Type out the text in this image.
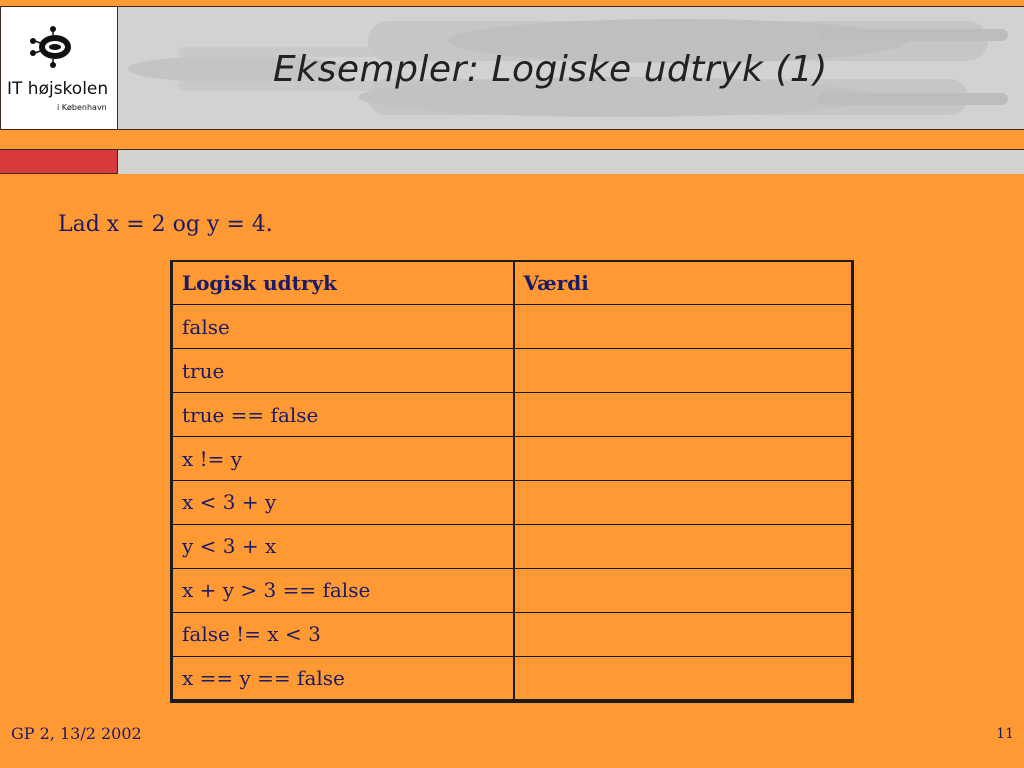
IT højskolen
i København
Eksempler: Logiske udtryk (1)
Lad x = 2 og y = 4.
Logisk udtryk	Værdi
false	
true	
true == false	
x != y	
x < 3 + y	
y < 3 + x	
x + y > 3 == false	
false != x < 3	
x == y == false	
GP 2, 13/2 2002	11
